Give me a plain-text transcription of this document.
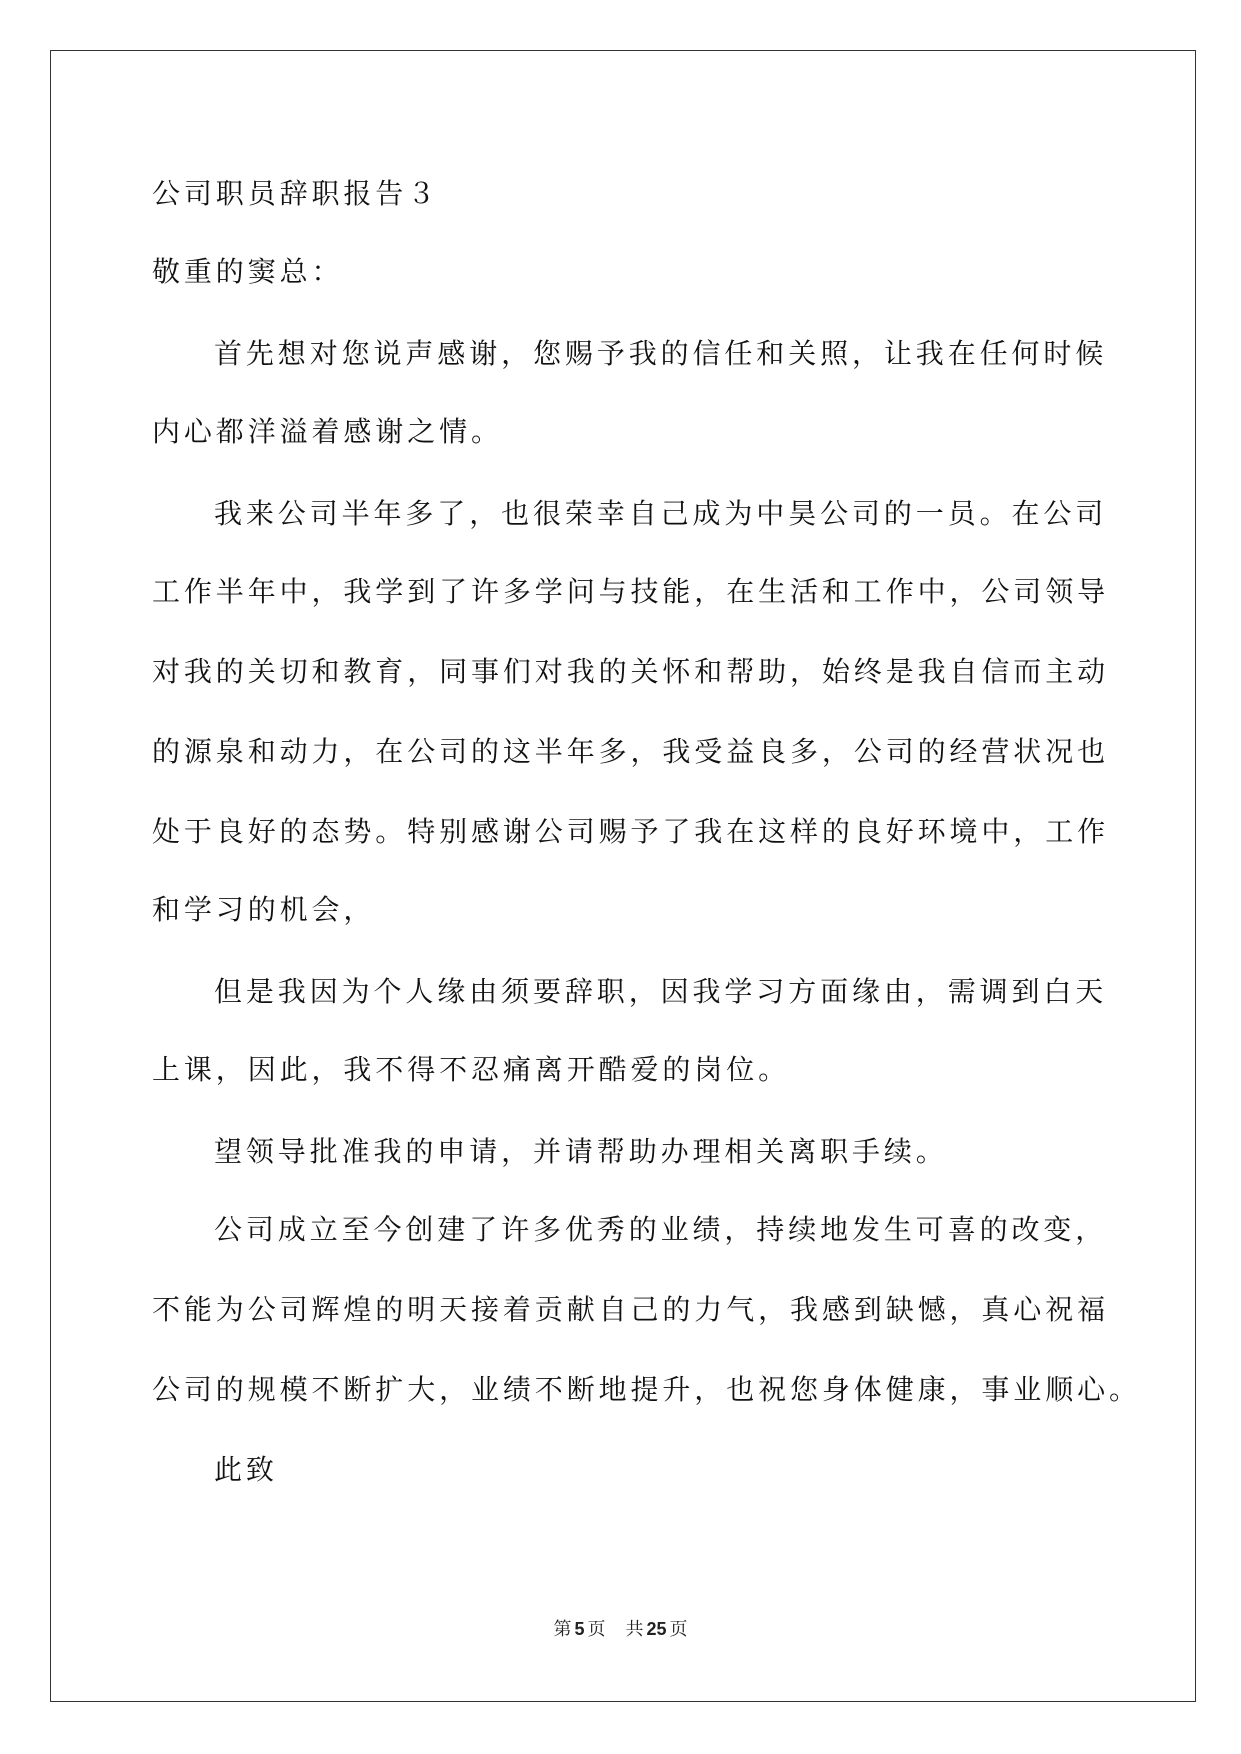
公司职员辞职报告３
敬重的窦总：
首先想对您说声感谢，您赐予我的信任和关照，让我在任何时候
内心都洋溢着感谢之情。
我来公司半年多了，也很荣幸自己成为中昊公司的一员。在公司
工作半年中，我学到了许多学问与技能，在生活和工作中，公司领导
对我的关切和教育，同事们对我的关怀和帮助，始终是我自信而主动
的源泉和动力，在公司的这半年多，我受益良多，公司的经营状况也
处于良好的态势。特别感谢公司赐予了我在这样的良好环境中，工作
和学习的机会，
但是我因为个人缘由须要辞职，因我学习方面缘由，需调到白天
上课，因此，我不得不忍痛离开酷爱的岗位。
望领导批准我的申请，并请帮助办理相关离职手续。
公司成立至今创建了许多优秀的业绩，持续地发生可喜的改变，
不能为公司辉煌的明天接着贡献自己的力气，我感到缺憾，真心祝福
公司的规模不断扩大，业绩不断地提升，也祝您身体健康，事业顺心。
此致
第 5 页 共 25 页
